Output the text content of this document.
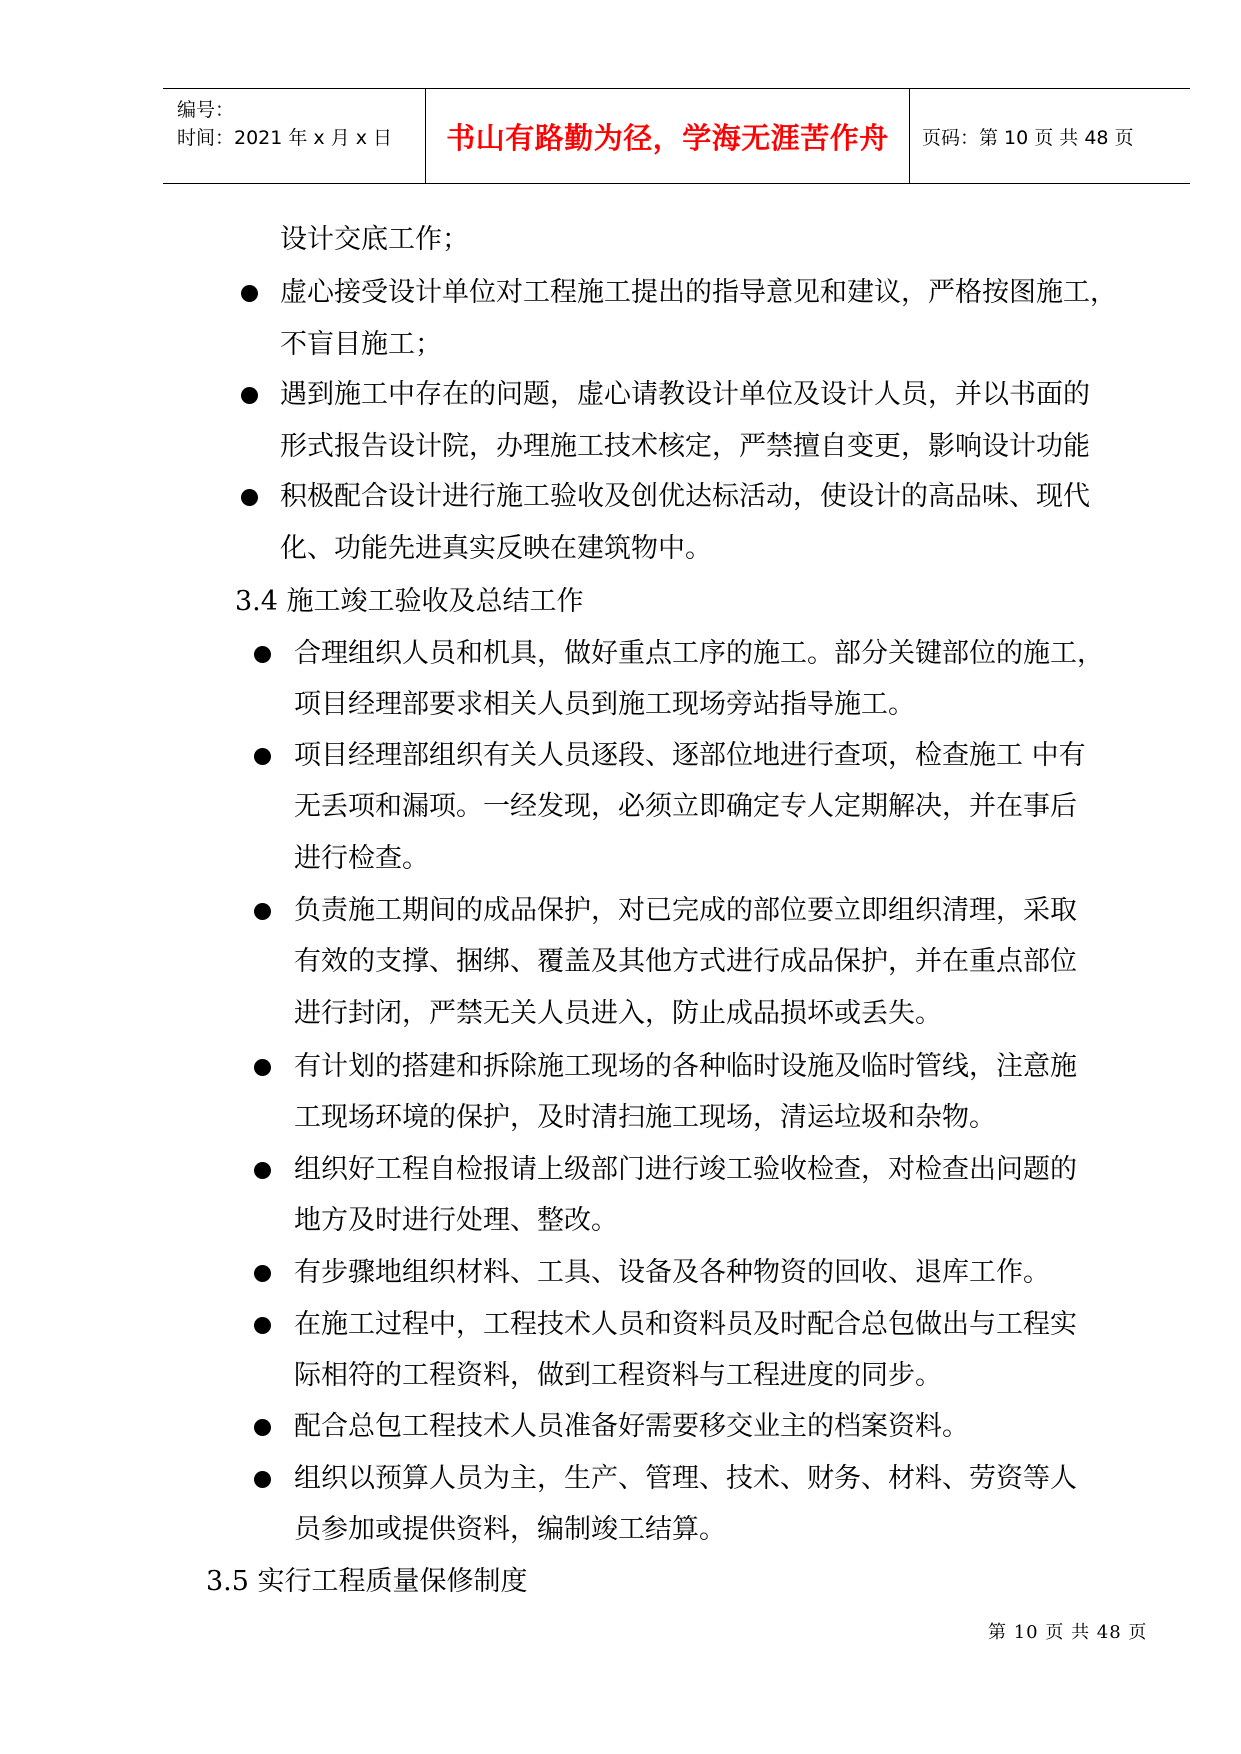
编号：
时间：2021 年 x 月 x 日 书山有路勤为径，学海无涯苦作舟 页码：第 10 页 共 48 页
设计交底工作；
虚心接受设计单位对工程施工提出的指导意见和建议，严格按图施工，
不盲目施工；
遇到施工中存在的问题，虚心请教设计单位及设计人员，并以书面的
形式报告设计院，办理施工技术核定，严禁擅自变更，影响设计功能
积极配合设计进行施工验收及创优达标活动，使设计的高品味、现代
化、功能先进真实反映在建筑物中。
3.4 施工竣工验收及总结工作
合理组织人员和机具，做好重点工序的施工。部分关键部位的施工，
项目经理部要求相关人员到施工现场旁站指导施工。
项目经理部组织有关人员逐段、逐部位地进行查项，检查施工 中有
无丢项和漏项。一经发现，必须立即确定专人定期解决，并在事后
进行检查。
负责施工期间的成品保护，对已完成的部位要立即组织清理，采取
有效的支撑、捆绑、覆盖及其他方式进行成品保护，并在重点部位
进行封闭，严禁无关人员进入，防止成品损坏或丢失。
有计划的搭建和拆除施工现场的各种临时设施及临时管线，注意施
工现场环境的保护，及时清扫施工现场，清运垃圾和杂物。
组织好工程自检报请上级部门进行竣工验收检查，对检查出问题的
地方及时进行处理、整改。
有步骤地组织材料、工具、设备及各种物资的回收、退库工作。
在施工过程中，工程技术人员和资料员及时配合总包做出与工程实
际相符的工程资料，做到工程资料与工程进度的同步。
配合总包工程技术人员准备好需要移交业主的档案资料。
组织以预算人员为主，生产、管理、技术、财务、材料、劳资等人
员参加或提供资料，编制竣工结算。
3.5 实行工程质量保修制度
第 10 页 共 48 页
